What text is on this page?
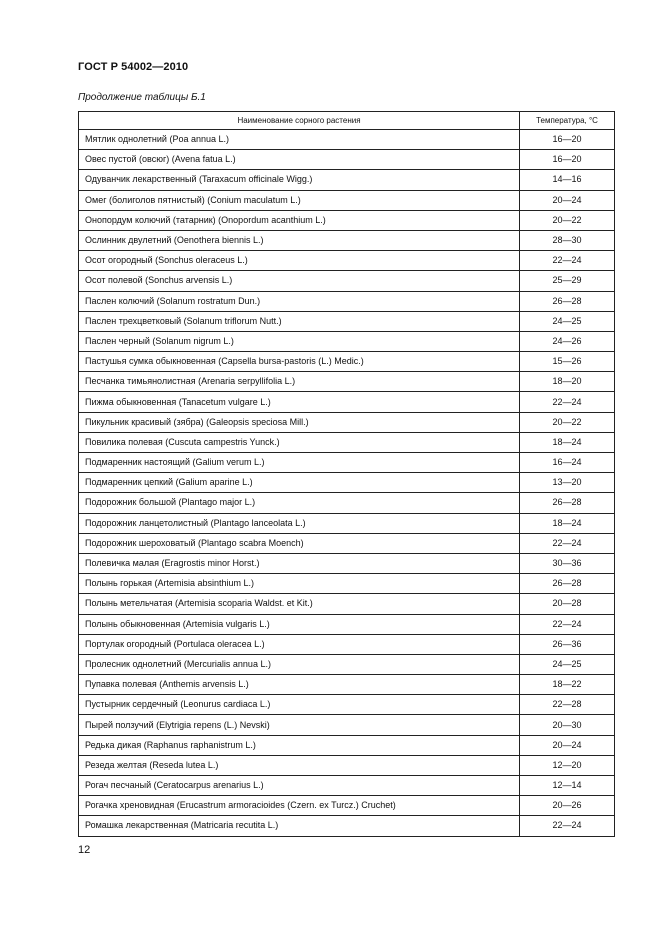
ГОСТ Р 54002—2010
Продолжение таблицы Б.1
Наименование сорного растения	Температура, °С
Мятлик однолетний (Poa annua L.)	16—20
Овес пустой (овсюг) (Avena fatua L.)	16—20
Одуванчик лекарственный (Taraxacum officinale Wigg.)	14—16
Омег (болиголов пятнистый) (Conium maculatum L.)	20—24
Онопордум колючий (татарник) (Onopordum acanthium L.)	20—22
Ослинник двулетний (Oenothera biennis L.)	28—30
Осот огородный (Sonchus oleraceus L.)	22—24
Осот полевой (Sonchus arvensis L.)	25—29
Паслен колючий (Solanum rostratum Dun.)	26—28
Паслен трехцветковый (Solanum triflorum Nutt.)	24—25
Паслен черный (Solanum nigrum L.)	24—26
Пастушья сумка обыкновенная (Capsella bursa-pastoris (L.) Medic.)	15—26
Песчанка тимьянолистная (Arenaria serpyllifolia L.)	18—20
Пижма обыкновенная (Tanacetum vulgare L.)	22—24
Пикульник красивый (зябра) (Galeopsis speciosa Mill.)	20—22
Повилика полевая (Cuscuta campestris Yunck.)	18—24
Подмаренник настоящий (Galium verum L.)	16—24
Подмаренник цепкий (Galium aparine L.)	13—20
Подорожник большой (Plantago major L.)	26—28
Подорожник ланцетолистный (Plantago lanceolata L.)	18—24
Подорожник шероховатый (Plantago scabra Moench)	22—24
Полевичка малая (Eragrostis minor Horst.)	30—36
Полынь горькая (Artemisia absinthium L.)	26—28
Полынь метельчатая (Artemisia scoparia Waldst. et Kit.)	20—28
Полынь обыкновенная (Artemisia vulgaris L.)	22—24
Портулак огородный (Portulaca oleracea L.)	26—36
Пролесник однолетний (Mercurialis annua L.)	24—25
Пупавка полевая (Anthemis arvensis L.)	18—22
Пустырник сердечный (Leonurus cardiaca L.)	22—28
Пырей ползучий (Elytrigia repens (L.) Nevski)	20—30
Редька дикая (Raphanus raphanistrum L.)	20—24
Резеда желтая (Reseda lutea L.)	12—20
Рогач песчаный (Ceratocarpus arenarius L.)	12—14
Рогачка хреновидная (Erucastrum armoracioides (Czern. ex Turcz.) Cruchet)	20—26
Ромашка лекарственная (Matricaria recutita L.)	22—24
12
